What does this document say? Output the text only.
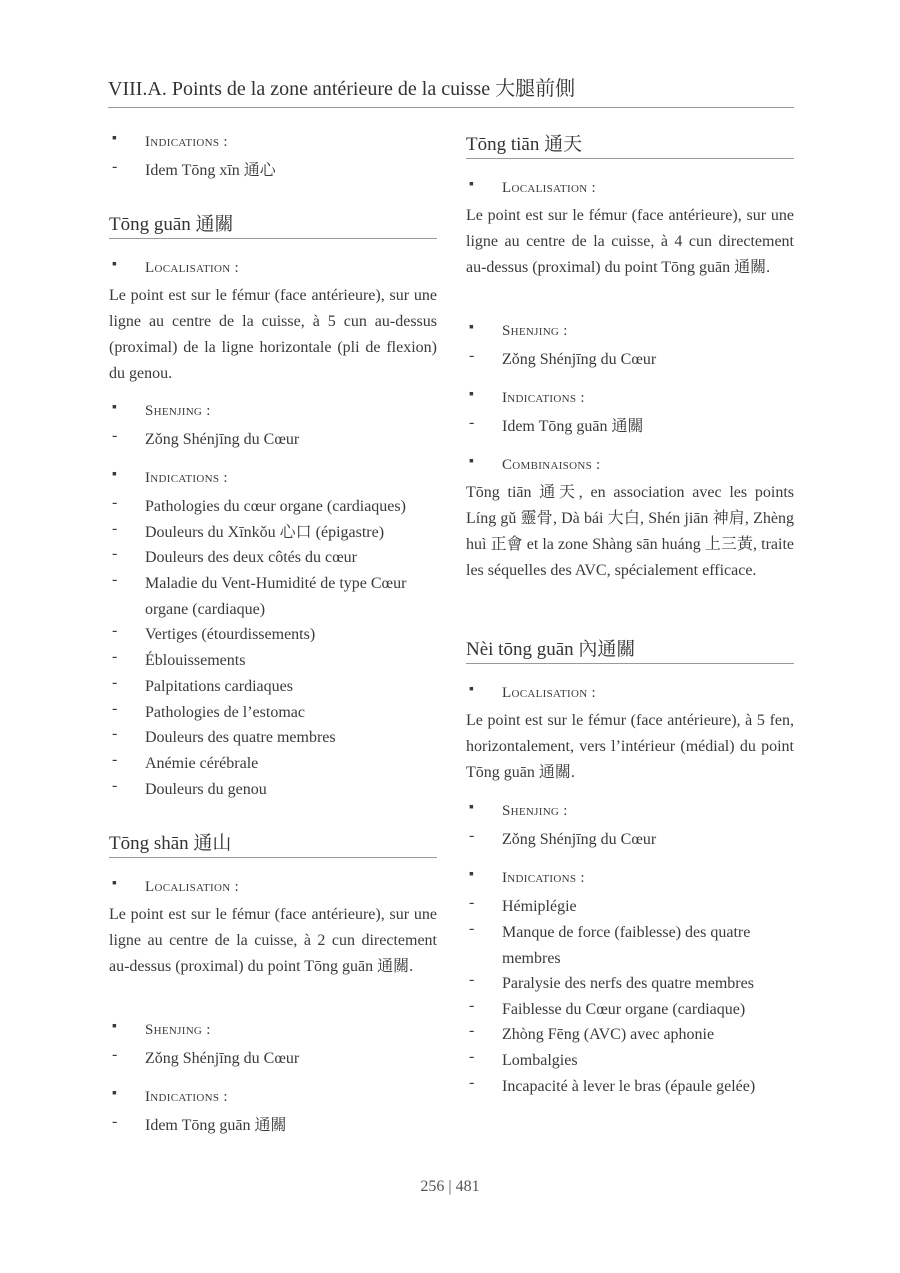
VIII.A. Points de la zone antérieure de la cuisse 大腿前側
▪ Indications :
- Idem Tōng xīn 通心
Tōng guān 通關
▪ Localisation :
Le point est sur le fémur (face antérieure), sur une ligne au centre de la cuisse, à 5 cun au-dessus (proximal) de la ligne horizontale (pli de flexion) du genou.
▪ Shenjing :
- Zǒng Shénjīng du Cœur
▪ Indications :
- Pathologies du cœur organe (cardiaques)
- Douleurs du Xīnkǒu 心口 (épigastre)
- Douleurs des deux côtés du cœur
- Maladie du Vent-Humidité de type Cœur organe (cardiaque)
- Vertiges (étourdissements)
- Éblouissements
- Palpitations cardiaques
- Pathologies de l’estomac
- Douleurs des quatre membres
- Anémie cérébrale
- Douleurs du genou
Tōng shān 通山
▪ Localisation :
Le point est sur le fémur (face antérieure), sur une ligne au centre de la cuisse, à 2 cun directement au-dessus (proximal) du point Tōng guān 通關.
▪ Shenjing :
- Zǒng Shénjīng du Cœur
▪ Indications :
- Idem Tōng guān 通關
Tōng tiān 通天
▪ Localisation :
Le point est sur le fémur (face antérieure), sur une ligne au centre de la cuisse, à 4 cun directement au-dessus (proximal) du point Tōng guān 通關.
▪ Shenjing :
- Zǒng Shénjīng du Cœur
▪ Indications :
- Idem Tōng guān 通關
▪ Combinaisons :
Tōng tiān 通天, en association avec les points Líng gǔ 靈骨, Dà bái 大白, Shén jiān 神肩, Zhèng huì 正會 et la zone Shàng sān huáng 上三黃, traite les séquelles des AVC, spécialement efficace.
Nèi tōng guān 內通關
▪ Localisation :
Le point est sur le fémur (face antérieure), à 5 fen, horizontalement, vers l’intérieur (médial) du point Tōng guān 通關.
▪ Shenjing :
- Zǒng Shénjīng du Cœur
▪ Indications :
- Hémiplégie
- Manque de force (faiblesse) des quatre membres
- Paralysie des nerfs des quatre membres
- Faiblesse du Cœur organe (cardiaque)
- Zhòng Fēng (AVC) avec aphonie
- Lombalgies
- Incapacité à lever le bras (épaule gelée)
256 | 481
